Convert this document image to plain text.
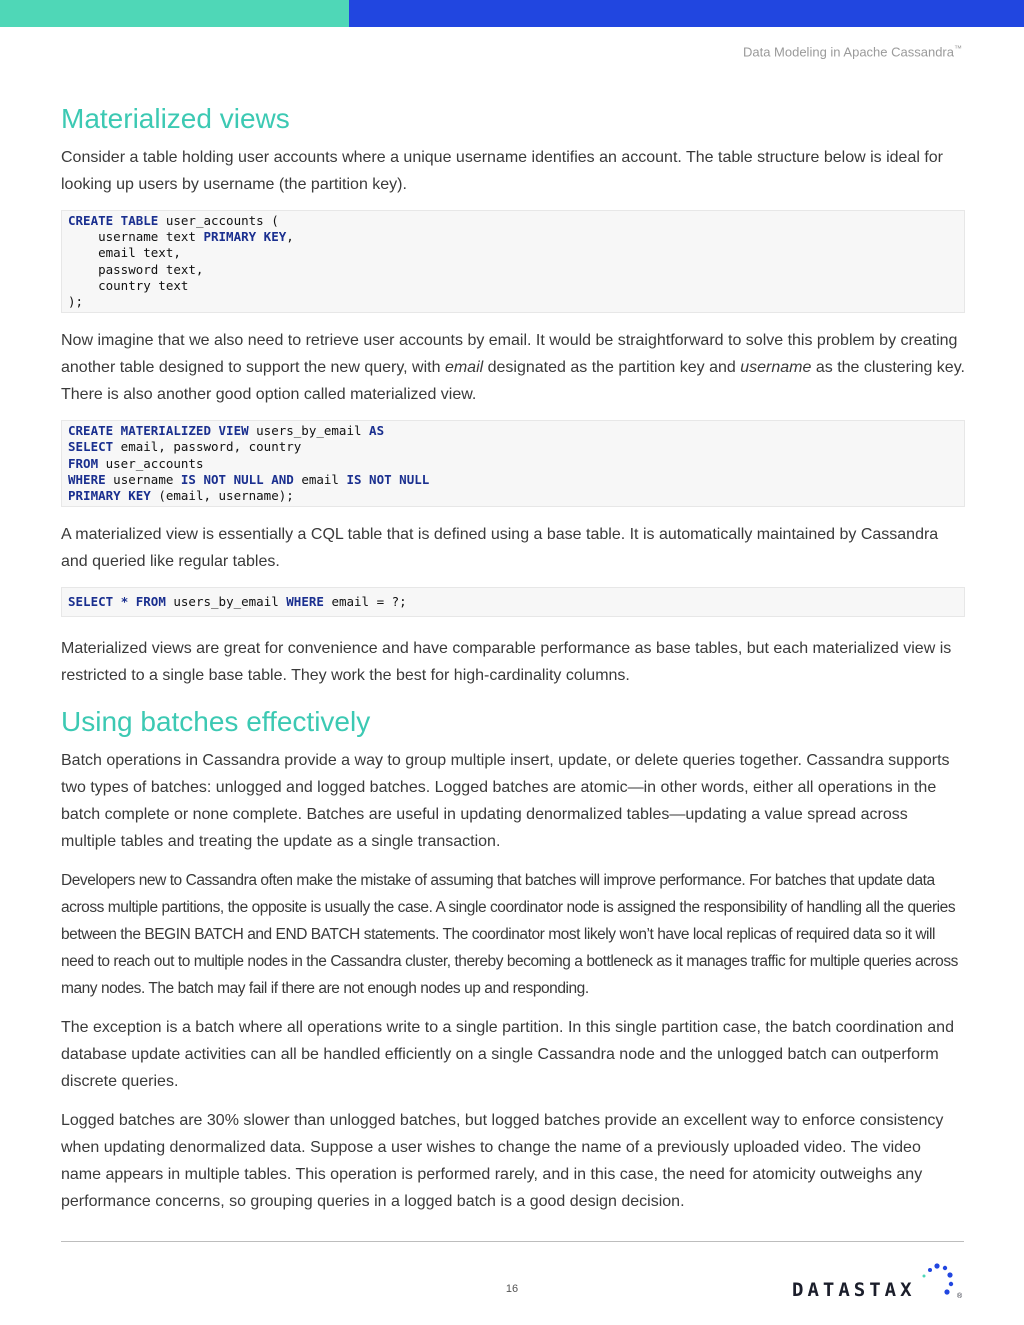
Data Modeling in Apache Cassandra™
Materialized views

Consider a table holding user accounts where a unique username identifies an account. The table structure below is ideal for looking up users by username (the partition key).

CREATE TABLE user_accounts (
username text PRIMARY KEY,
email text,
password text,
country text
);

Now imagine that we also need to retrieve user accounts by email. It would be straightforward to solve this problem by creating another table designed to support the new query, with email designated as the partition key and username as the clustering key. There is also another good option called materialized view.

CREATE MATERIALIZED VIEW users_by_email AS
SELECT email, password, country
FROM user_accounts
WHERE username IS NOT NULL AND email IS NOT NULL
PRIMARY KEY (email, username);

A materialized view is essentially a CQL table that is defined using a base table. It is automatically maintained by Cassandra and queried like regular tables.

SELECT * FROM users_by_email WHERE email = ?;

Materialized views are great for convenience and have comparable performance as base tables, but each materialized view is restricted to a single base table. They work the best for high-cardinality columns.

Using batches effectively

Batch operations in Cassandra provide a way to group multiple insert, update, or delete queries together. Cassandra supports two types of batches: unlogged and logged batches. Logged batches are atomic—in other words, either all operations in the batch complete or none complete. Batches are useful in updating denormalized tables—updating a value spread across multiple tables and treating the update as a single transaction.

Developers new to Cassandra often make the mistake of assuming that batches will improve performance. For batches that update data across multiple partitions, the opposite is usually the case. A single coordinator node is assigned the responsibility of handling all the queries between the BEGIN BATCH and END BATCH statements. The coordinator most likely won’t have local replicas of required data so it will need to reach out to multiple nodes in the Cassandra cluster, thereby becoming a bottleneck as it manages traffic for multiple queries across many nodes. The batch may fail if there are not enough nodes up and responding.

The exception is a batch where all operations write to a single partition. In this single partition case, the batch coordination and database update activities can all be handled efficiently on a single Cassandra node and the unlogged batch can outperform discrete queries.

Logged batches are 30% slower than unlogged batches, but logged batches provide an excellent way to enforce consistency when updating denormalized data. Suppose a user wishes to change the name of a previously uploaded video. The video name appears in multiple tables. This operation is performed rarely, and in this case, the need for atomicity outweighs any performance concerns, so grouping queries in a logged batch is a good design decision.

16	DATASTAX	®
